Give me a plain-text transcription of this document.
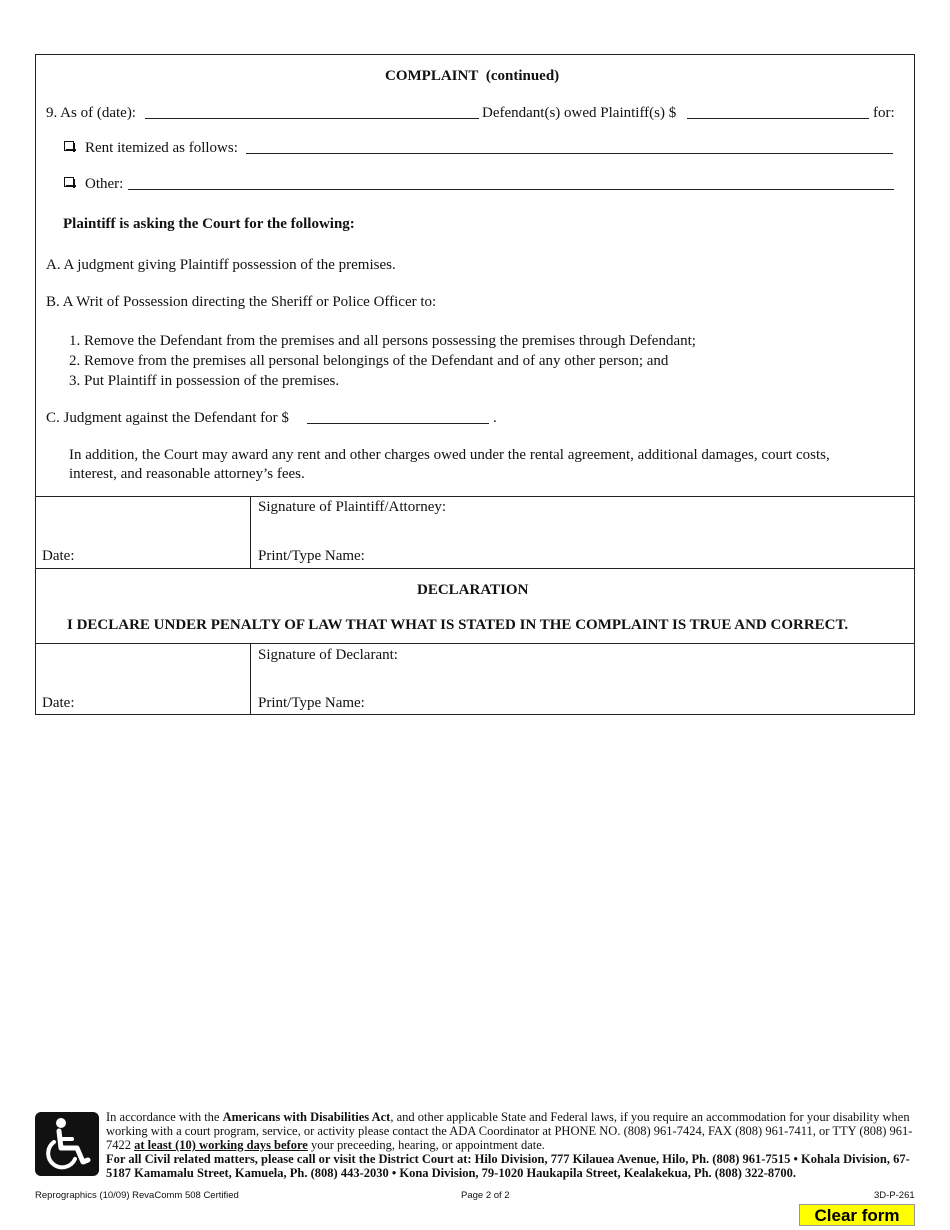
COMPLAINT (continued)
9. As of (date):	Defendant(s) owed Plaintiff(s) $	for:
Rent itemized as follows:
Other:
Plaintiff is asking the Court for the following:
A. A judgment giving Plaintiff possession of the premises.
B. A Writ of Possession directing the Sheriff or Police Officer to:
1. Remove the Defendant from the premises and all persons possessing the premises through Defendant;
2. Remove from the premises all personal belongings of the Defendant and of any other person; and
3. Put Plaintiff in possession of the premises.
C. Judgment against the Defendant for $	.
In addition, the Court may award any rent and other charges owed under the rental agreement, additional damages, court costs,
interest, and reasonable attorney’s fees.
Signature of Plaintiff/Attorney:
Date:	Print/Type Name:
DECLARATION
I DECLARE UNDER PENALTY OF LAW THAT WHAT IS STATED IN THE COMPLAINT IS TRUE AND CORRECT.
Signature of Declarant:
Date:	Print/Type Name:
In accordance with the Americans with Disabilities Act, and other applicable State and Federal laws, if you require an accommodation for your disability when working with a court program, service, or activity please contact the ADA Coordinator at PHONE NO. (808) 961-7424, FAX (808) 961-7411, or TTY (808) 961-7422 at least (10) working days before your preceeding, hearing, or appointment date.
For all Civil related matters, please call or visit the District Court at: Hilo Division, 777 Kilauea Avenue, Hilo, Ph. (808) 961-7515 • Kohala Division, 67-5187 Kamamalu Street, Kamuela, Ph. (808) 443-2030 • Kona Division, 79-1020 Haukapila Street, Kealakekua, Ph. (808) 322-8700.
Reprographics (10/09) RevaComm 508 Certified	Page 2 of 2	3D-P-261
Clear form
